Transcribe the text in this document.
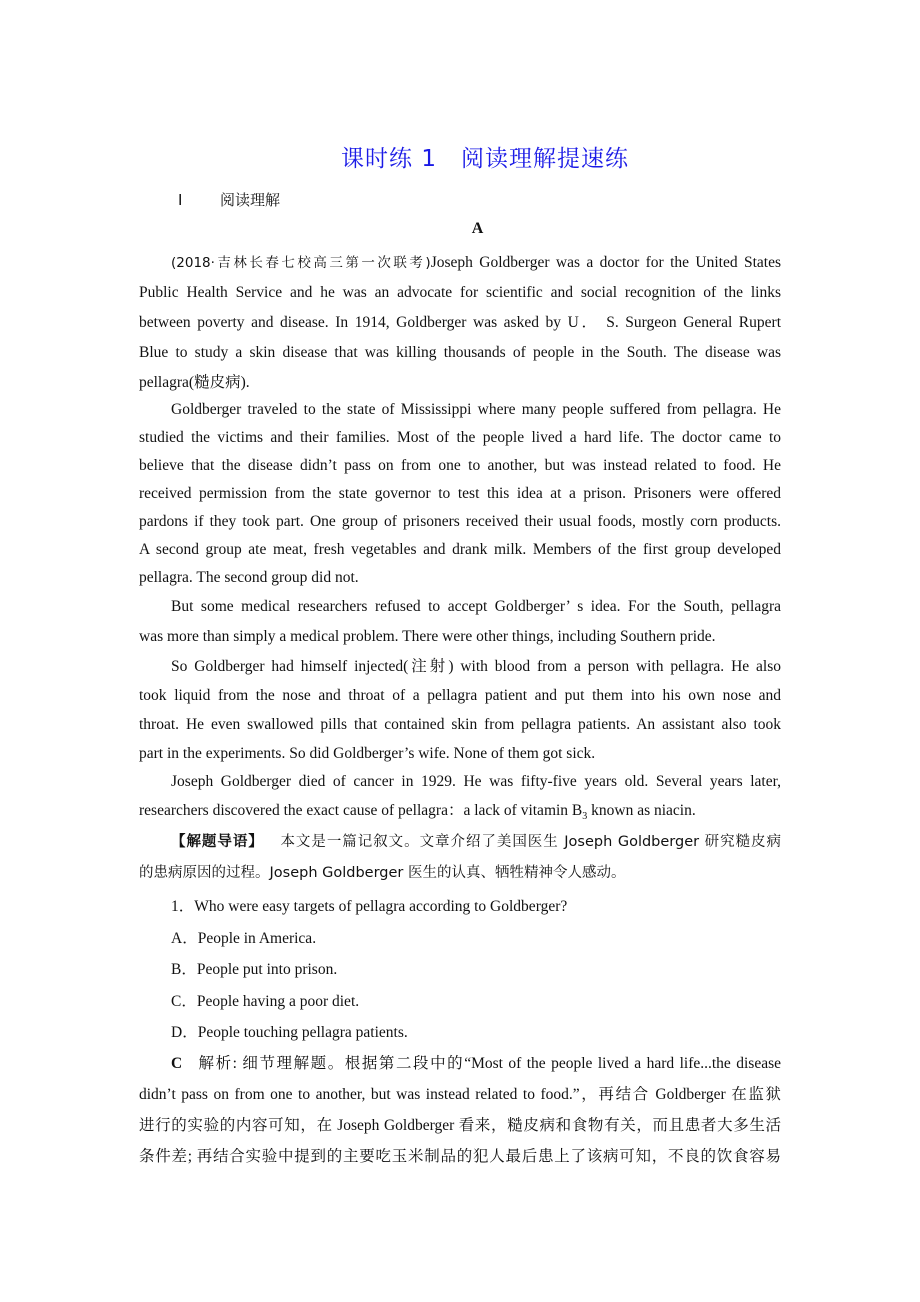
课时练 1　阅读理解提速练
Ⅰ	阅读理解
A
(2018·吉林长春七校高三第一次联考)Joseph Goldberger was a doctor for the United States
Public Health Service and he was an advocate for scientific and social recognition of the links
between poverty and disease. In 1914, Goldberger was asked by U． S. Surgeon General Rupert
Blue to study a skin disease that was killing thousands of people in the South. The disease was
pellagra(糙皮病).
Goldberger traveled to the state of Mississippi where many people suffered from pellagra. He
studied the victims and their families. Most of the people lived a hard life. The doctor came to
believe that the disease didn’t pass on from one to another, but was instead related to food. He
received permission from the state governor to test this idea at a prison. Prisoners were offered
pardons if they took part. One group of prisoners received their usual foods, mostly corn products.
A second group ate meat, fresh vegetables and drank milk. Members of the first group developed
pellagra. The second group did not.
But some medical researchers refused to accept Goldberger’ s idea. For the South, pellagra
was more than simply a medical problem. There were other things, including Southern pride.
So Goldberger had himself injected(注射) with blood from a person with pellagra. He also
took liquid from the nose and throat of a pellagra patient and put them into his own nose and
throat. He even swallowed pills that contained skin from pellagra patients. An assistant also took
part in the experiments. So did Goldberger’s wife. None of them got sick.
Joseph Goldberger died of cancer in 1929. He was fifty-five years old. Several years later,
researchers discovered the exact cause of pellagra：a lack of vitamin $B_3$ known as niacin.
【解题导语】 本文是一篇记叙文。文章介绍了美国医生 Joseph Goldberger 研究糙皮病
的患病原因的过程。Joseph Goldberger 医生的认真、牺牲精神令人感动。
1．Who were easy targets of pellagra according to Goldberger?
A．People in America.
B．People put into prison.
C．People having a poor diet.
D．People touching pellagra patients.
C 解析: 细节理解题。根据第二段中的“Most of the people lived a hard life...the disease
didn’t pass on from one to another, but was instead related to food.”，再结合 Goldberger 在监狱
进行的实验的内容可知，在 Joseph Goldberger 看来，糙皮病和食物有关，而且患者大多生活
条件差; 再结合实验中提到的主要吃玉米制品的犯人最后患上了该病可知，不良的饮食容易
